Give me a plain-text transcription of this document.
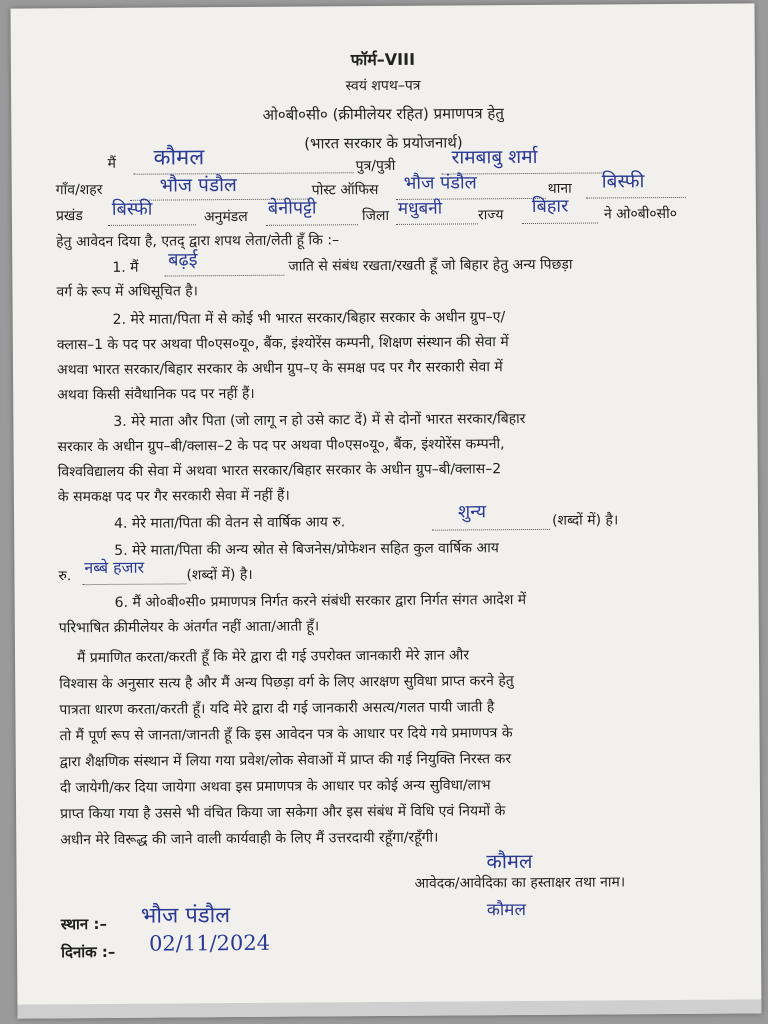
फॉर्म–VIII
स्वयं शपथ–पत्र
ओ०बी०सी० (क्रीमीलेयर रहित) प्रमाणपत्र हेतु
(भारत सरकार के प्रयोजनार्थ)
मैं कौमल	पुत्र/पुत्री	रामबाबु शर्मा
गाँव/शहर	भौज पंडौल	पोस्ट ऑफिस भौज पंडौल	थाना बिस्फी
प्रखंड बिस्फी	अनुमंडल बेनीपट्टी	जिला मधुबनी	राज्य बिहार	ने ओ०बी०सी०
हेतु आवेदन दिया है, एतद् द्वारा शपथ लेता/लेती हूँ कि :–
1. मैं बढ़ई	जाति से संबंध रखता/रखती हूँ जो बिहार हेतु अन्य पिछड़ा
वर्ग के रूप में अधिसूचित है।
2. मेरे माता/पिता में से कोई भी भारत सरकार/बिहार सरकार के अधीन ग्रुप–ए/
क्लास–1 के पद पर अथवा पी०एस०यू०, बैंक, इंश्योरेंस कम्पनी, शिक्षण संस्थान की सेवा में
अथवा भारत सरकार/बिहार सरकार के अधीन ग्रुप–ए के समक्ष पद पर गैर सरकारी सेवा में
अथवा किसी संवैधानिक पद पर नहीं हैं।
3. मेरे माता और पिता (जो लागू न हो उसे काट दें) में से दोनों भारत सरकार/बिहार
सरकार के अधीन ग्रुप–बी/क्लास–2 के पद पर अथवा पी०एस०यू०, बैंक, इंश्योरेंस कम्पनी,
विश्वविद्यालय की सेवा में अथवा भारत सरकार/बिहार सरकार के अधीन ग्रुप–बी/क्लास–2
के समकक्ष पद पर गैर सरकारी सेवा में नहीं हैं।
4. मेरे माता/पिता की वेतन से वार्षिक आय रु.
शुन्य	(शब्दों में) है।
5. मेरे माता/पिता की अन्य स्रोत से बिजनेस/प्रोफेशन सहित कुल वार्षिक आय
रु. नब्बे हजार	(शब्दों में) है।
6. मैं ओ०बी०सी० प्रमाणपत्र निर्गत करने संबंधी सरकार द्वारा निर्गत संगत आदेश में
परिभाषित क्रीमीलेयर के अंतर्गत नहीं आता/आती हूँ।
मैं प्रमाणित करता/करती हूँ कि मेरे द्वारा दी गई उपरोक्त जानकारी मेरे ज्ञान और
विश्वास के अनुसार सत्य है और मैं अन्य पिछड़ा वर्ग के लिए आरक्षण सुविधा प्राप्त करने हेतु
पात्रता धारण करता/करती हूँ। यदि मेरे द्वारा दी गई जानकारी असत्य/गलत पायी जाती है
तो मैं पूर्ण रूप से जानता/जानती हूँ कि इस आवेदन पत्र के आधार पर दिये गये प्रमाणपत्र के
द्वारा शैक्षणिक संस्थान में लिया गया प्रवेश/लोक सेवाओं में प्राप्त की गई नियुक्ति निरस्त कर
दी जायेगी/कर दिया जायेगा अथवा इस प्रमाणपत्र के आधार पर कोई अन्य सुविधा/लाभ
प्राप्त किया गया है उससे भी वंचित किया जा सकेगा और इस संबंध में विधि एवं नियमों के
अधीन मेरे विरूद्ध की जाने वाली कार्यवाही के लिए मैं उत्तरदायी रहूँगा/रहूँगी।
कौमल
आवेदक/आवेदिका का हस्ताक्षर तथा नाम।
कौमल
स्थान :– भौज पंडौल
दिनांक :– 02/11/2024
